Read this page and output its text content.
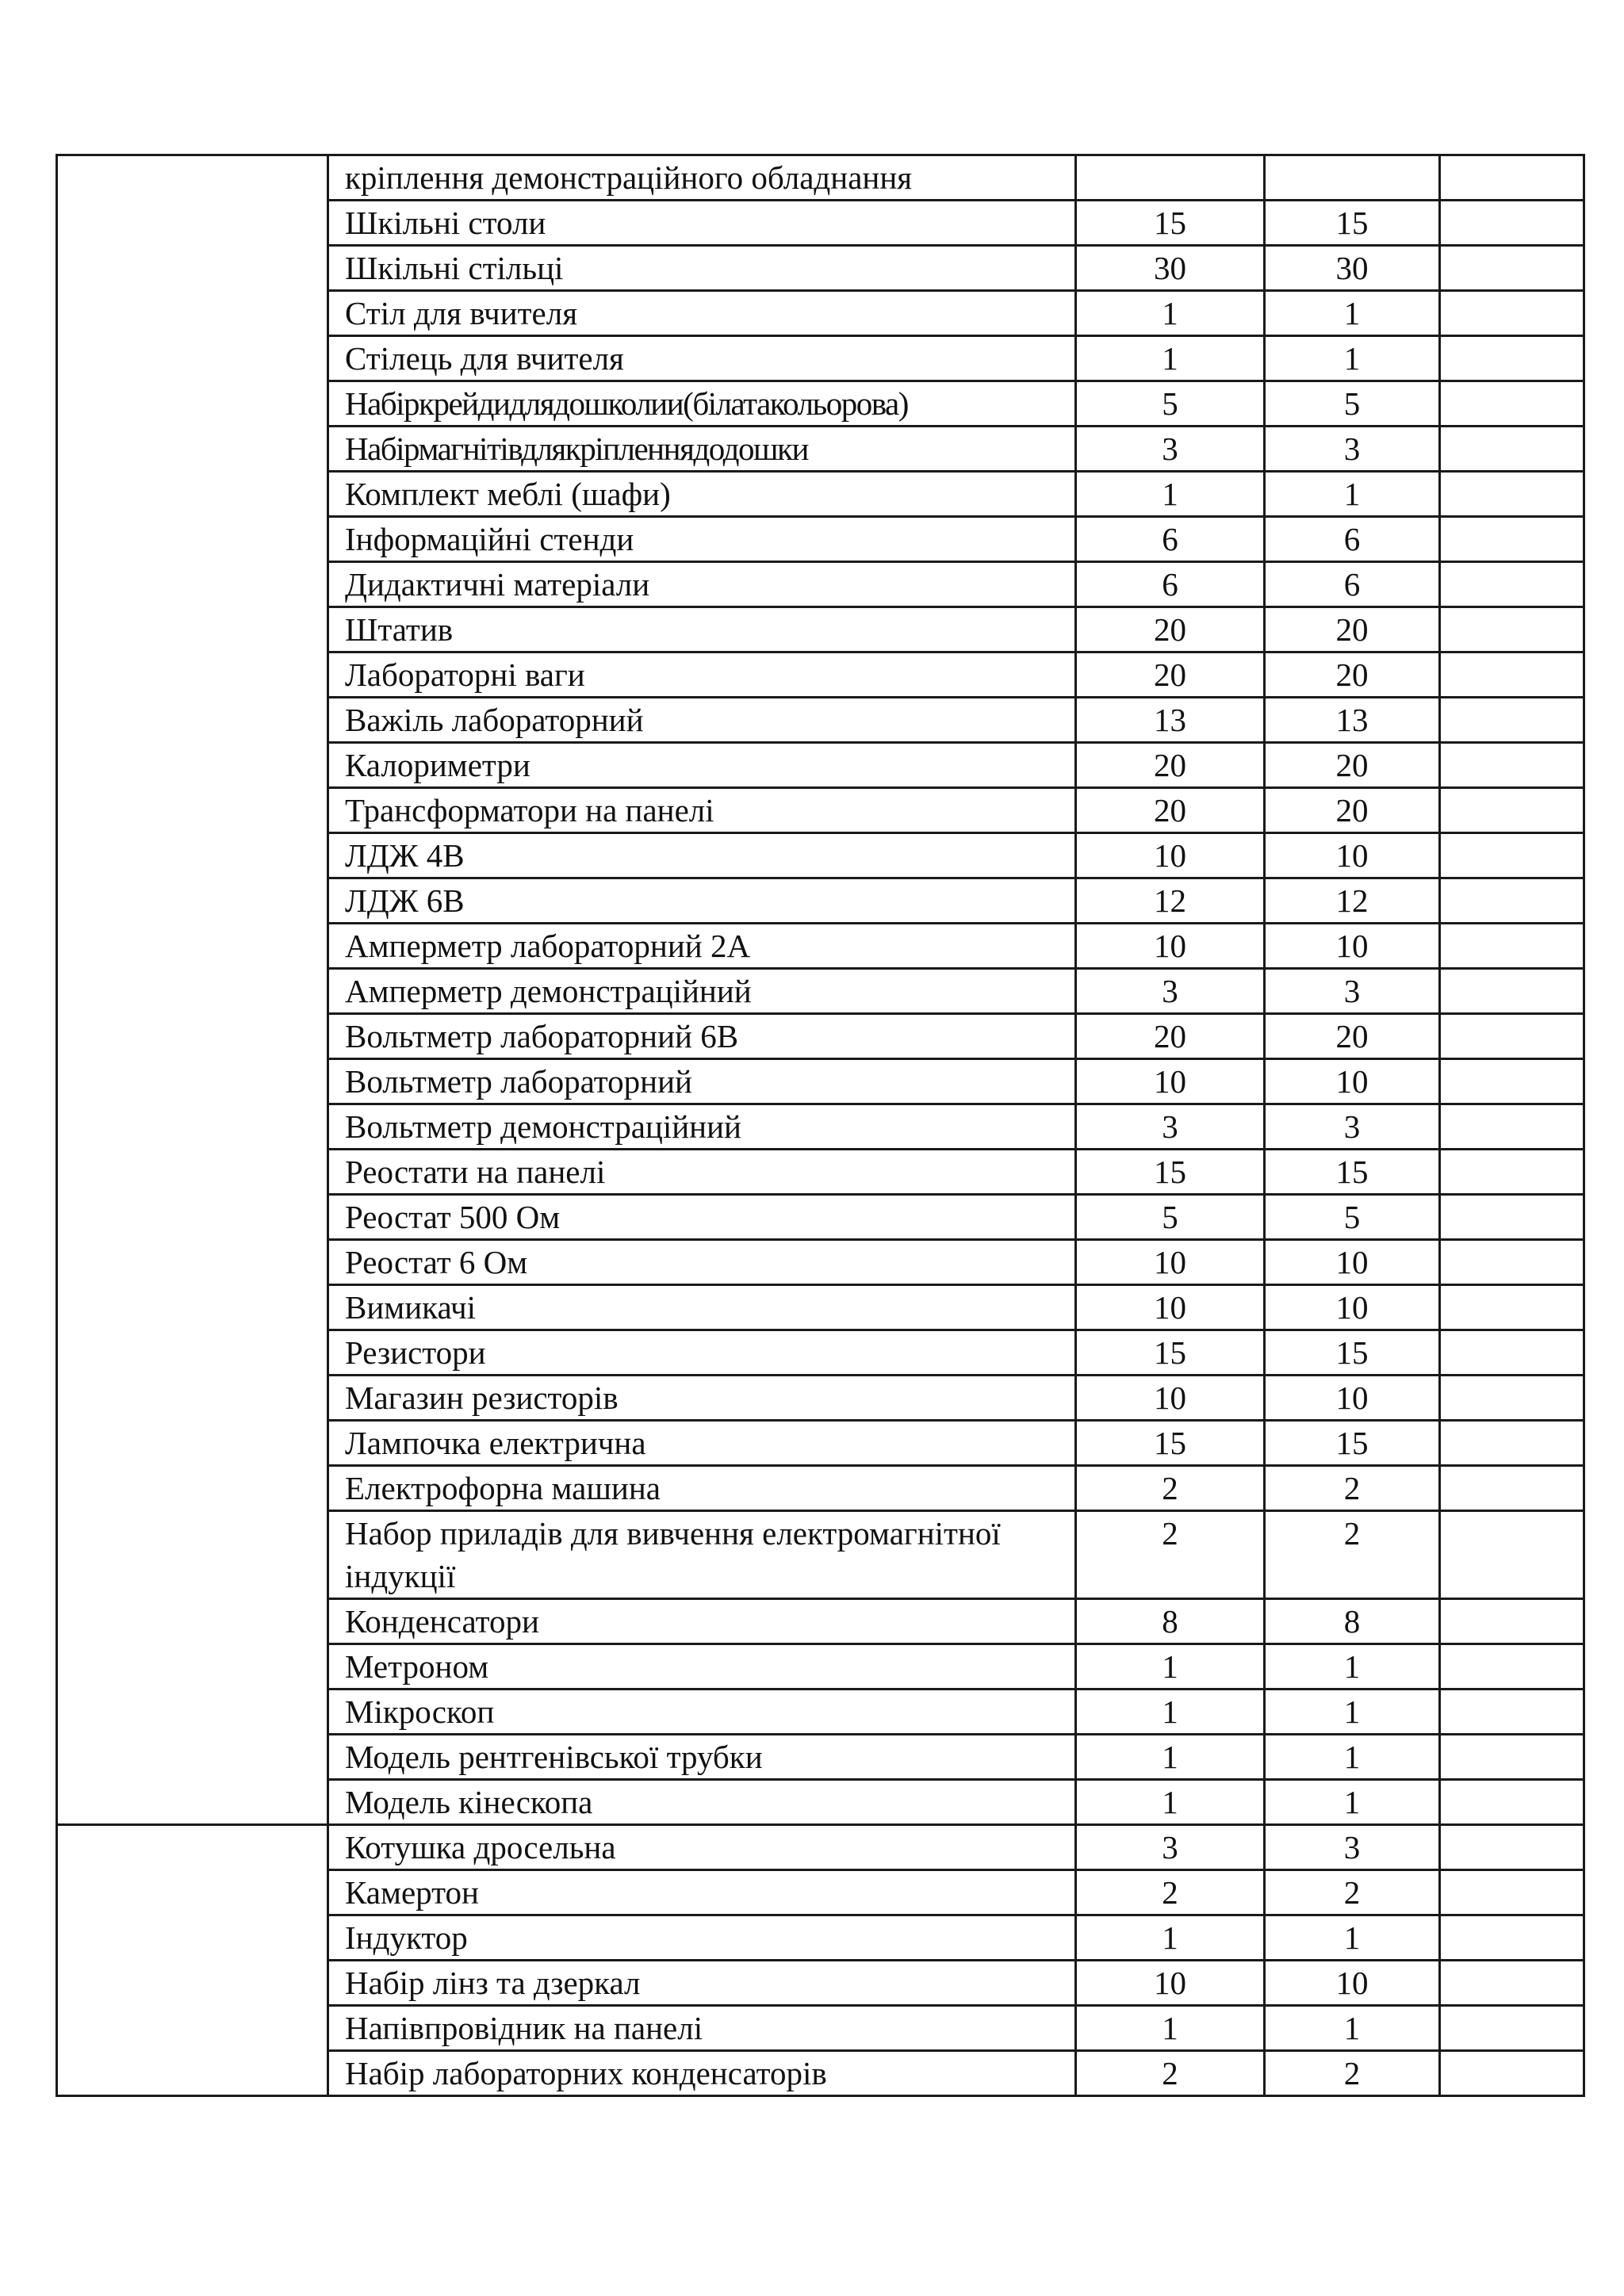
	кріплення демонстраційного обладнання			
	Шкільні столи	15	15	
	Шкільні стільці	30	30	
	Стіл для вчителя	1	1	
	Стілець для вчителя	1	1	
	Набіркрейдидлядошколии(білатакольорова)	5	5	
	Набірмагнітівдлякріпленнядодошки	3	3	
	Комплект меблі (шафи)	1	1	
	Інформаційні стенди	6	6	
	Дидактичні матеріали	6	6	
	Штатив	20	20	
	Лабораторні ваги	20	20	
	Важіль лабораторний	13	13	
	Калориметри	20	20	
	Трансформатори на панелі	20	20	
	ЛДЖ 4В	10	10	
	ЛДЖ 6В	12	12	
	Амперметр лабораторний 2А	10	10	
	Амперметр демонстраційний	3	3	
	Вольтметр лабораторний 6В	20	20	
	Вольтметр лабораторний	10	10	
	Вольтметр демонстраційний	3	3	
	Реостати на панелі	15	15	
	Реостат 500 Ом	5	5	
	Реостат 6 Ом	10	10	
	Вимикачі	10	10	
	Резистори	15	15	
	Магазин резисторів	10	10	
	Лампочка електрична	15	15	
	Електрофорна машина	2	2	
	Набор приладів для вивчення електромагнітної індукції	2	2	
	Конденсатори	8	8	
	Метроном	1	1	
	Мікроскоп	1	1	
	Модель рентгенівської трубки	1	1	
	Модель кінескопа	1	1	
	Котушка дросельна	3	3	
	Камертон	2	2	
	Індуктор	1	1	
	Набір лінз та дзеркал	10	10	
	Напівпровідник на панелі	1	1	
	Набір лабораторних конденсаторів	2	2	
